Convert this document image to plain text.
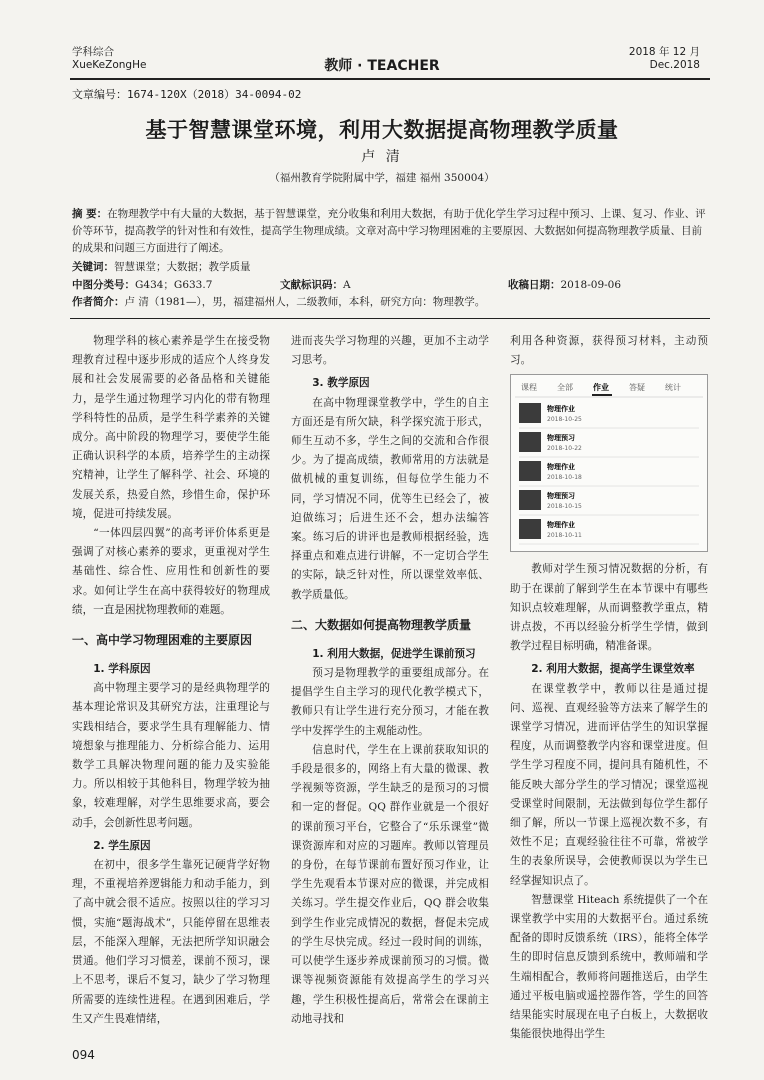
学科综合
XueKeZongHe	教师 · TEACHER
2018 年 12 月
Dec.2018
文章编号：1674-120X（2018）34-0094-02
基于智慧课堂环境，利用大数据提高物理教学质量
卢 清
（福州教育学院附属中学，福建 福州 350004）
摘 要：在物理教学中有大量的大数据，基于智慧课堂，充分收集和利用大数据，有助于优化学生学习过程中预习、上课、复习、作业、评价等环节，提高教学的针对性和有效性，提高学生物理成绩。文章对高中学习物理困难的主要原因、大数据如何提高物理教学质量、目前的成果和问题三方面进行了阐述。
关键词：智慧课堂；大数据；教学质量
中图分类号：G434；G633.7	文献标识码：A	收稿日期：2018-09-06
作者简介：卢 清（1981—），男，福建福州人，二级教师，本科，研究方向：物理教学。

物理学科的核心素养是学生在接受物理教育过程中逐步形成的适应个人终身发展和社会发展需要的必备品格和关键能力，是学生通过物理学习内化的带有物理学科特性的品质，是学生科学素养的关键成分。高中阶段的物理学习，要使学生能正确认识科学的本质，培养学生的主动探究精神，让学生了解科学、社会、环境的发展关系，热爱自然，珍惜生命，保护环境，促进可持续发展。

“一体四层四翼”的高考评价体系更是强调了对核心素养的要求，更重视对学生基础性、综合性、应用性和创新性的要求。如何让学生在高中获得较好的物理成绩，一直是困扰物理教师的难题。

一、高中学习物理困难的主要原因

1. 学科原因

高中物理主要学习的是经典物理学的基本理论常识及其研究方法，注重理论与实践相结合，要求学生具有理解能力、情境想象与推理能力、分析综合能力、运用数学工具解决物理问题的能力及实验能力。所以相较于其他科目，物理学较为抽象，较难理解，对学生思维要求高，要会动手，会创新性思考问题。

2. 学生原因

在初中，很多学生靠死记硬背学好物理，不重视培养逻辑能力和动手能力，到了高中就会很不适应。按照以往的学习习惯，实施“题海战术”，只能停留在思维表层，不能深入理解，无法把所学知识融会贯通。他们学习习惯差，课前不预习，课上不思考，课后不复习，缺少了学习物理所需要的连续性进程。在遇到困难后，学生又产生畏难情绪，

进而丧失学习物理的兴趣，更加不主动学习思考。

3. 教学原因

在高中物理课堂教学中，学生的自主方面还是有所欠缺，科学探究流于形式，师生互动不多，学生之间的交流和合作很少。为了提高成绩，教师常用的方法就是做机械的重复训练，但每位学生能力不同，学习情况不同，优等生已经会了，被迫做练习；后进生还不会，想办法编答案。练习后的讲评也是教师根据经验，选择重点和难点进行讲解，不一定切合学生的实际，缺乏针对性，所以课堂效率低、教学质量低。

二、大数据如何提高物理教学质量

1. 利用大数据，促进学生课前预习

预习是物理教学的重要组成部分。在提倡学生自主学习的现代化教学模式下，教师只有让学生进行充分预习，才能在教学中发挥学生的主观能动性。

信息时代，学生在上课前获取知识的手段是很多的，网络上有大量的微课、教学视频等资源，学生缺乏的是预习的习惯和一定的督促。QQ 群作业就是一个很好的课前预习平台，它整合了“乐乐课堂”微课资源库和对应的习题库。教师以管理员的身份，在每节课前布置好预习作业，让学生先观看本节课对应的微课，并完成相关练习。学生提交作业后，QQ 群会收集到学生作业完成情况的数据，督促未完成的学生尽快完成。经过一段时间的训练，可以使学生逐步养成课前预习的习惯。微课等视频资源能有效提高学生的学习兴趣，学生积极性提高后，常常会在课前主动地寻找和

利用各种资源，获得预习材料，主动预习。

课程	全部	作业	答疑	统计
物理作业
2018-10-25
物理预习
2018-10-22
物理作业
2018-10-18
物理预习
2018-10-15
物理作业
2018-10-11

教师对学生预习情况数据的分析，有助于在课前了解到学生在本节课中有哪些知识点较难理解，从而调整教学重点，精讲点拨，不再以经验分析学生学情，做到教学过程目标明确，精准备课。

2. 利用大数据，提高学生课堂效率

在课堂教学中，教师以往是通过提问、巡视、直观经验等方法来了解学生的课堂学习情况，进而评估学生的知识掌握程度，从而调整教学内容和课堂进度。但学生学习程度不同，提问具有随机性，不能反映大部分学生的学习情况；课堂巡视受课堂时间限制，无法做到每位学生都仔细了解，所以一节课上巡视次数不多，有效性不足；直观经验往往不可靠，常被学生的表象所误导，会使教师误以为学生已经掌握知识点了。

智慧课堂 Hiteach 系统提供了一个在课堂教学中实用的大数据平台。通过系统配备的即时反馈系统（IRS），能将全体学生的即时信息反馈到系统中，教师端和学生端相配合，教师将问题推送后，由学生通过平板电脑或遥控器作答，学生的回答结果能实时展现在电子白板上，大数据收集能很快地得出学生

094
